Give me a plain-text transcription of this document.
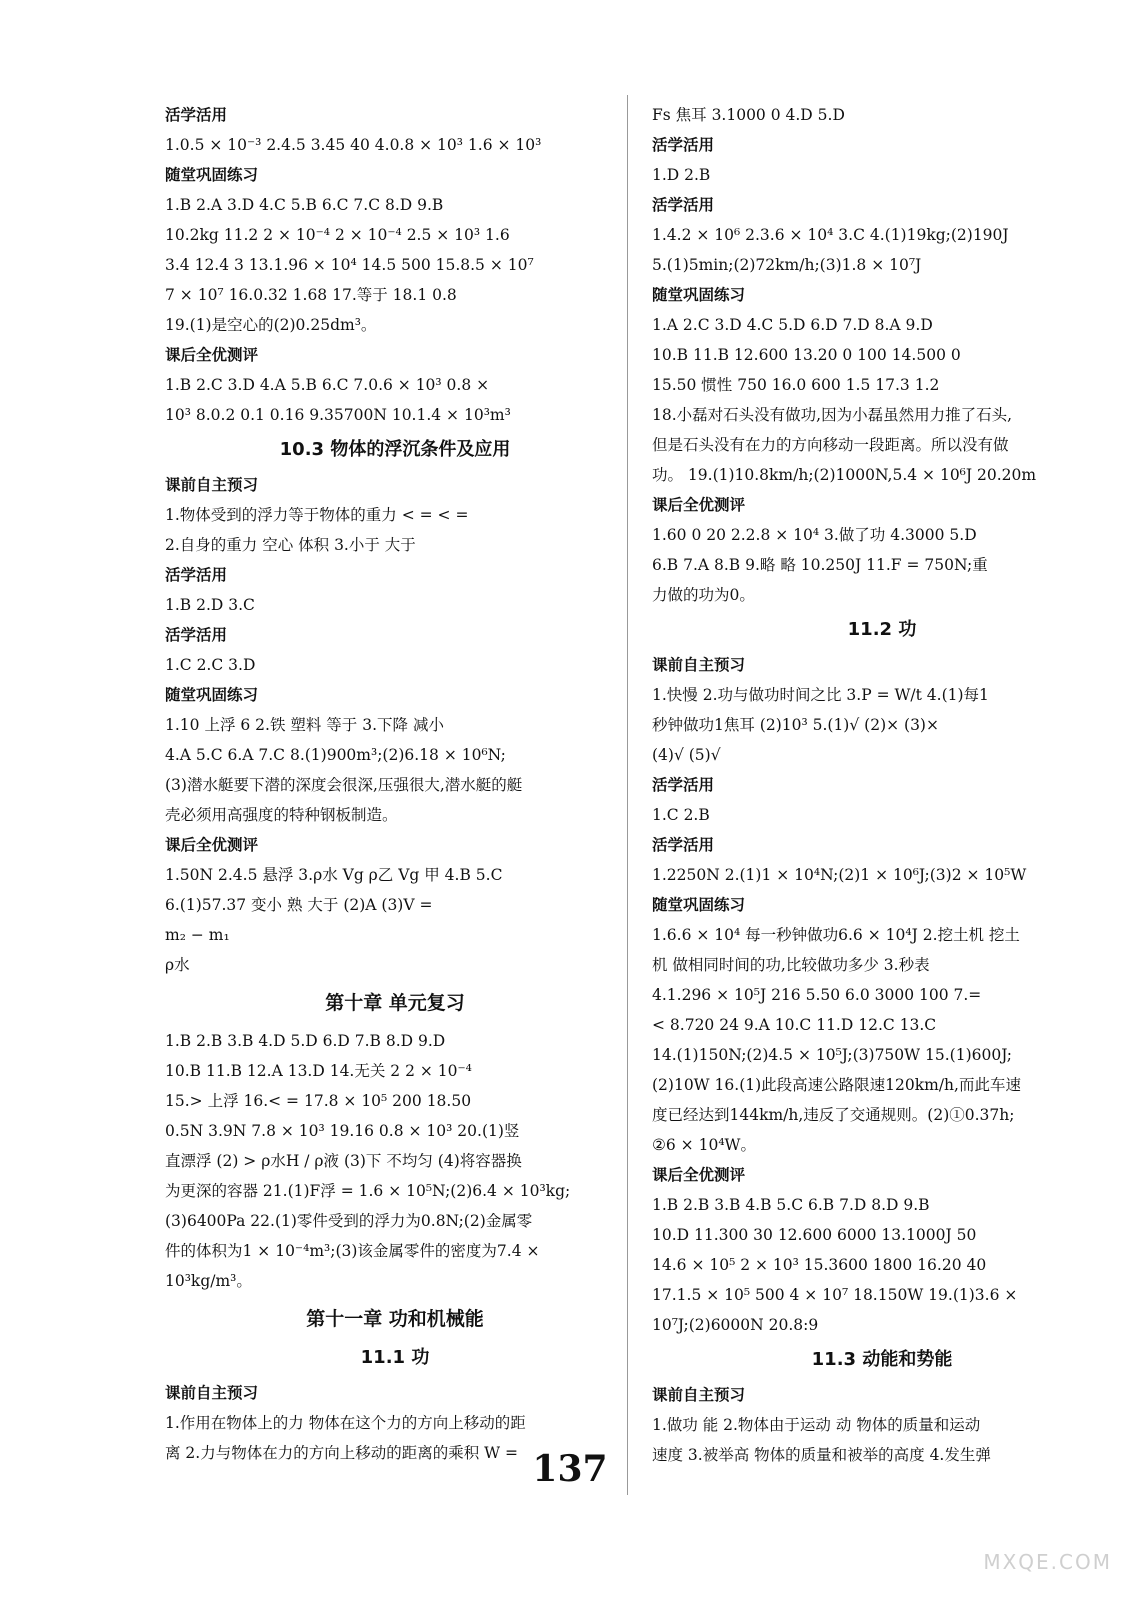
活学活用
1.0.5 × 10⁻³ 2.4.5 3.45 40 4.0.8 × 10³ 1.6 × 10³
随堂巩固练习
1.B 2.A 3.D 4.C 5.B 6.C 7.C 8.D 9.B
10.2kg 11.2 2 × 10⁻⁴ 2 × 10⁻⁴ 2.5 × 10³ 1.6
3.4 12.4 3 13.1.96 × 10⁴ 14.5 500 15.8.5 × 10⁷
7 × 10⁷ 16.0.32 1.68 17.等于 18.1 0.8
19.(1)是空心的(2)0.25dm³。
课后全优测评
1.B 2.C 3.D 4.A 5.B 6.C 7.0.6 × 10³ 0.8 ×
10³ 8.0.2 0.1 0.16 9.35700N 10.1.4 × 10³m³
10.3 物体的浮沉条件及应用
课前自主预习
1.物体受到的浮力等于物体的重力 < = < =
2.自身的重力 空心 体积 3.小于 大于
活学活用
1.B 2.D 3.C
活学活用
1.C 2.C 3.D
随堂巩固练习
1.10 上浮 6 2.铁 塑料 等于 3.下降 减小
4.A 5.C 6.A 7.C 8.(1)900m³;(2)6.18 × 10⁶N;
(3)潜水艇要下潜的深度会很深,压强很大,潜水艇的艇
壳必须用高强度的特种钢板制造。
课后全优测评
1.50N 2.4.5 悬浮 3.ρ水 Vg ρ乙 Vg 甲 4.B 5.C
6.(1)57.37 变小 熟 大于 (2)A (3)V =
m₂ − m₁
ρ水
第十章 单元复习
1.B 2.B 3.B 4.D 5.D 6.D 7.B 8.D 9.D
10.B 11.B 12.A 13.D 14.无关 2 2 × 10⁻⁴
15.> 上浮 16.< = 17.8 × 10⁵ 200 18.50
0.5N 3.9N 7.8 × 10³ 19.16 0.8 × 10³ 20.(1)竖
直漂浮 (2) > ρ水H / ρ液 (3)下 不均匀 (4)将容器换
为更深的容器 21.(1)F浮 = 1.6 × 10⁵N;(2)6.4 × 10³kg;
(3)6400Pa 22.(1)零件受到的浮力为0.8N;(2)金属零
件的体积为1 × 10⁻⁴m³;(3)该金属零件的密度为7.4 ×
10³kg/m³。
第十一章 功和机械能
11.1 功
课前自主预习
1.作用在物体上的力 物体在这个力的方向上移动的距
离 2.力与物体在力的方向上移动的距离的乘积 W =
Fs 焦耳 3.1000 0 4.D 5.D
活学活用
1.D 2.B
活学活用
1.4.2 × 10⁶ 2.3.6 × 10⁴ 3.C 4.(1)19kg;(2)190J
5.(1)5min;(2)72km/h;(3)1.8 × 10⁷J
随堂巩固练习
1.A 2.C 3.D 4.C 5.D 6.D 7.D 8.A 9.D
10.B 11.B 12.600 13.20 0 100 14.500 0
15.50 惯性 750 16.0 600 1.5 17.3 1.2
18.小磊对石头没有做功,因为小磊虽然用力推了石头,
但是石头没有在力的方向移动一段距离。所以没有做
功。 19.(1)10.8km/h;(2)1000N,5.4 × 10⁶J 20.20m
课后全优测评
1.60 0 20 2.2.8 × 10⁴ 3.做了功 4.3000 5.D
6.B 7.A 8.B 9.略 略 10.250J 11.F = 750N;重
力做的功为0。
11.2 功
课前自主预习
1.快慢 2.功与做功时间之比 3.P = W/t 4.(1)每1
秒钟做功1焦耳 (2)10³ 5.(1)√ (2)× (3)×
(4)√ (5)√
活学活用
1.C 2.B
活学活用
1.2250N 2.(1)1 × 10⁴N;(2)1 × 10⁶J;(3)2 × 10⁵W
随堂巩固练习
1.6.6 × 10⁴ 每一秒钟做功6.6 × 10⁴J 2.挖土机 挖土
机 做相同时间的功,比较做功多少 3.秒表
4.1.296 × 10⁵J 216 5.50 6.0 3000 100 7.=
< 8.720 24 9.A 10.C 11.D 12.C 13.C
14.(1)150N;(2)4.5 × 10⁵J;(3)750W 15.(1)600J;
(2)10W 16.(1)此段高速公路限速120km/h,而此车速
度已经达到144km/h,违反了交通规则。(2)①0.37h;
②6 × 10⁴W。
课后全优测评
1.B 2.B 3.B 4.B 5.C 6.B 7.D 8.D 9.B
10.D 11.300 30 12.600 6000 13.1000J 50
14.6 × 10⁵ 2 × 10³ 15.3600 1800 16.20 40
17.1.5 × 10⁵ 500 4 × 10⁷ 18.150W 19.(1)3.6 ×
10⁷J;(2)6000N 20.8:9
11.3 动能和势能
课前自主预习
1.做功 能 2.物体由于运动 动 物体的质量和运动
速度 3.被举高 物体的质量和被举的高度 4.发生弹
137
MXQE.COM
